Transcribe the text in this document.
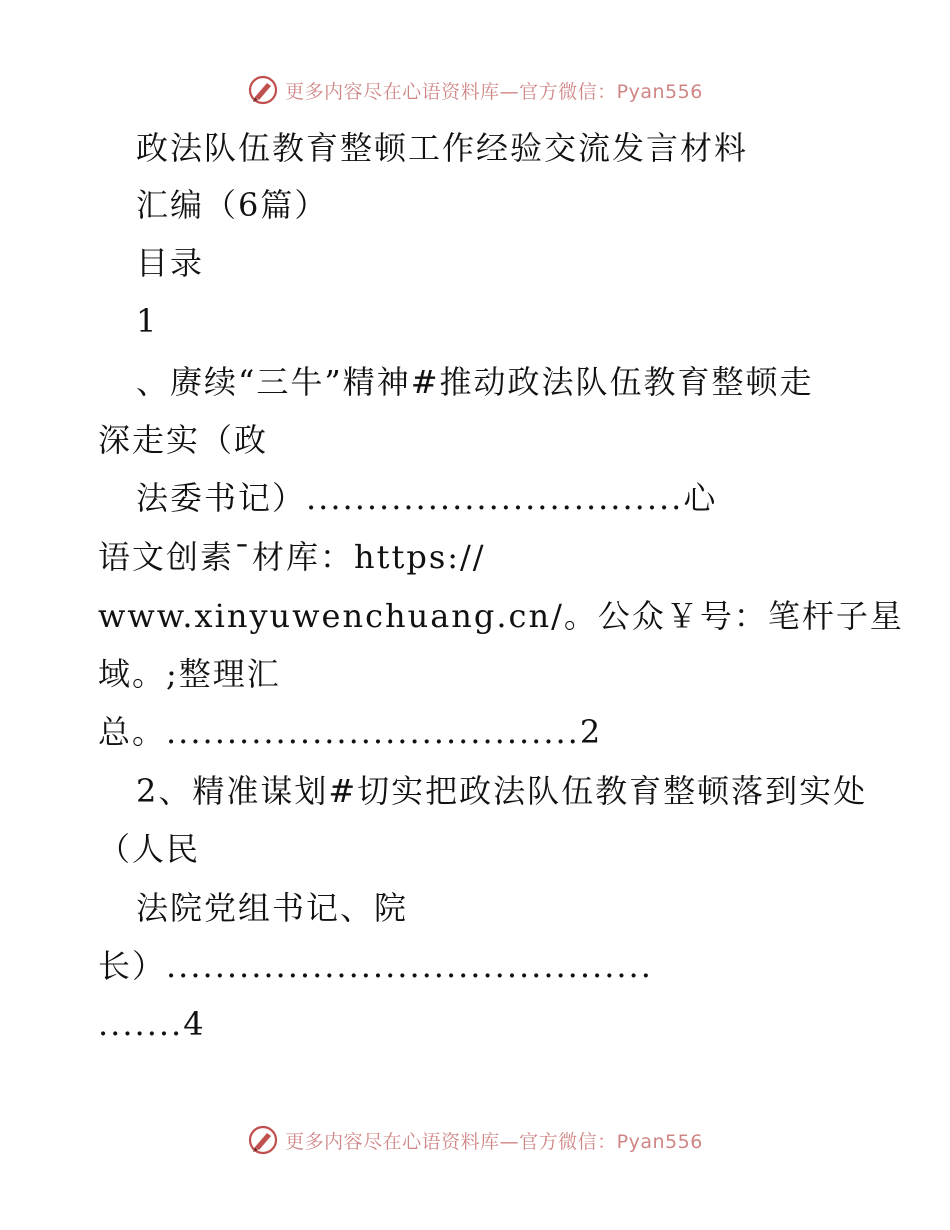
更多内容尽在心语资料库—官方微信：Pyan556
政法队伍教育整顿工作经验交流发言材料
汇编（6篇）
目录
1
、赓续“三牛”精神#推动政法队伍教育整顿走
深走实（政
法委书记）...............................心
语文创素¯材库：https://
www.xinyuwenchuang.cn/。公众￥号：笔杆子星
域。;整理汇
总。..................................2
2、精准谋划#切实把政法队伍教育整顿落到实处
（人民
法院党组书记、院
长）........................................
.......4
更多内容尽在心语资料库—官方微信：Pyan556
